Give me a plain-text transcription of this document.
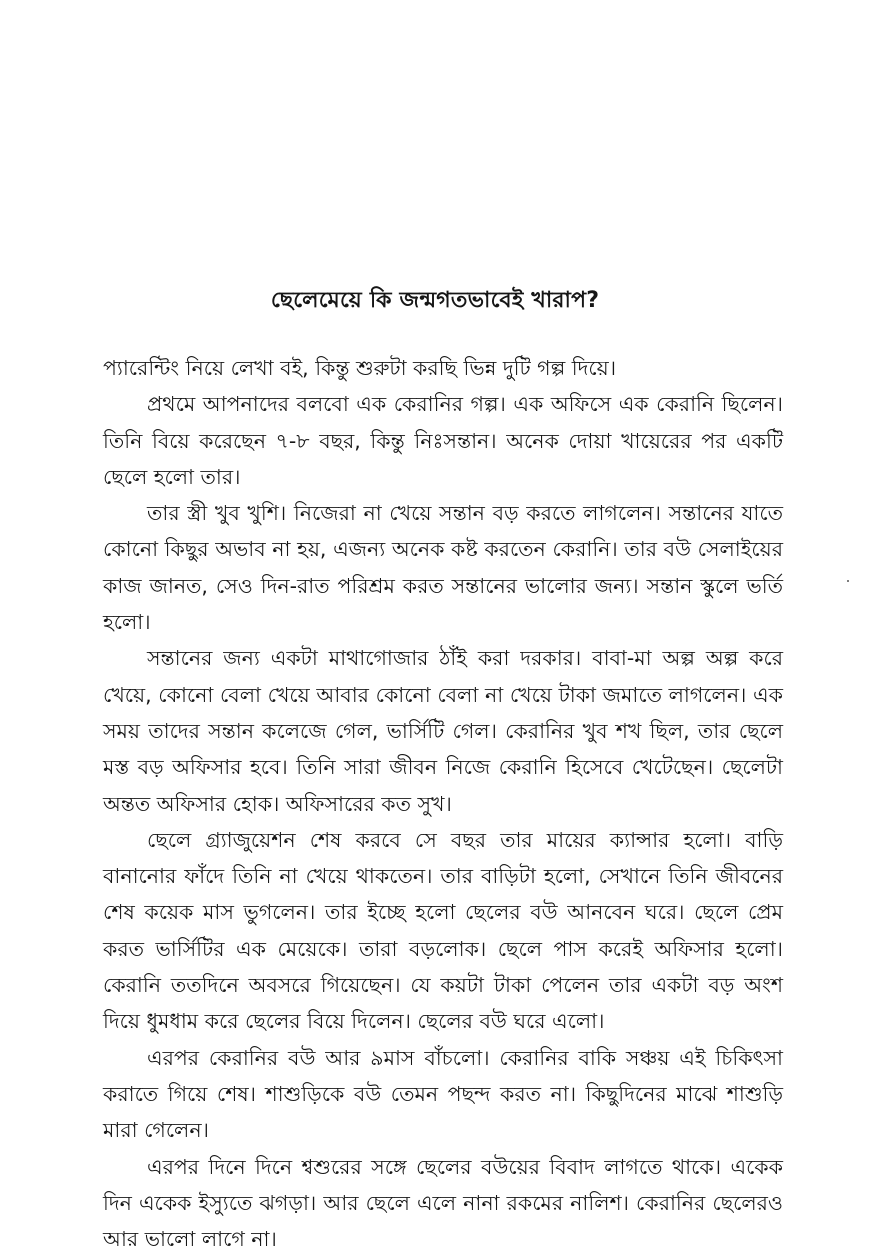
ছেলেমেয়ে কি জন্মগতভাবেই খারাপ?

প্যারেন্টিং নিয়ে লেখা বই, কিন্তু শুরুটা করছি ভিন্ন দুটি গল্প দিয়ে।

প্রথমে আপনাদের বলবো এক কেরানির গল্প। এক অফিসে এক কেরানি ছিলেন। তিনি বিয়ে করেছেন ৭-৮ বছর, কিন্তু নিঃসন্তান। অনেক দোয়া খায়েরের পর একটি ছেলে হলো তার।

তার স্ত্রী খুব খুশি। নিজেরা না খেয়ে সন্তান বড় করতে লাগলেন। সন্তানের যাতে কোনো কিছুর অভাব না হয়, এজন্য অনেক কষ্ট করতেন কেরানি। তার বউ সেলাইয়ের কাজ জানত, সেও দিন-রাত পরিশ্রম করত সন্তানের ভালোর জন্য। সন্তান স্কুলে ভর্তি হলো।

সন্তানের জন্য একটা মাথাগোজার ঠাঁই করা দরকার। বাবা-মা অল্প অল্প করে খেয়ে, কোনো বেলা খেয়ে আবার কোনো বেলা না খেয়ে টাকা জমাতে লাগলেন। এক সময় তাদের সন্তান কলেজে গেল, ভার্সিটি গেল। কেরানির খুব শখ ছিল, তার ছেলে মস্ত বড় অফিসার হবে। তিনি সারা জীবন নিজে কেরানি হিসেবে খেটেছেন। ছেলেটা অন্তত অফিসার হোক। অফিসারের কত সুখ।

ছেলে গ্র্যাজুয়েশন শেষ করবে সে বছর তার মায়ের ক্যান্সার হলো। বাড়ি বানানোর ফাঁদে তিনি না খেয়ে থাকতেন। তার বাড়িটা হলো, সেখানে তিনি জীবনের শেষ কয়েক মাস ভুগলেন। তার ইচ্ছে হলো ছেলের বউ আনবেন ঘরে। ছেলে প্রেম করত ভার্সিটির এক মেয়েকে। তারা বড়লোক। ছেলে পাস করেই অফিসার হলো। কেরানি ততদিনে অবসরে গিয়েছেন। যে কয়টা টাকা পেলেন তার একটা বড় অংশ দিয়ে ধুমধাম করে ছেলের বিয়ে দিলেন। ছেলের বউ ঘরে এলো।

এরপর কেরানির বউ আর ৯মাস বাঁচলো। কেরানির বাকি সঞ্চয় এই চিকিৎসা করাতে গিয়ে শেষ। শাশুড়িকে বউ তেমন পছন্দ করত না। কিছুদিনের মাঝে শাশুড়ি মারা গেলেন।

এরপর দিনে দিনে শ্বশুরের সঙ্গে ছেলের বউয়ের বিবাদ লাগতে থাকে। একেক দিন একেক ইস্যুতে ঝগড়া। আর ছেলে এলে নানা রকমের নালিশ। কেরানির ছেলেরও আর ভালো লাগে না।
